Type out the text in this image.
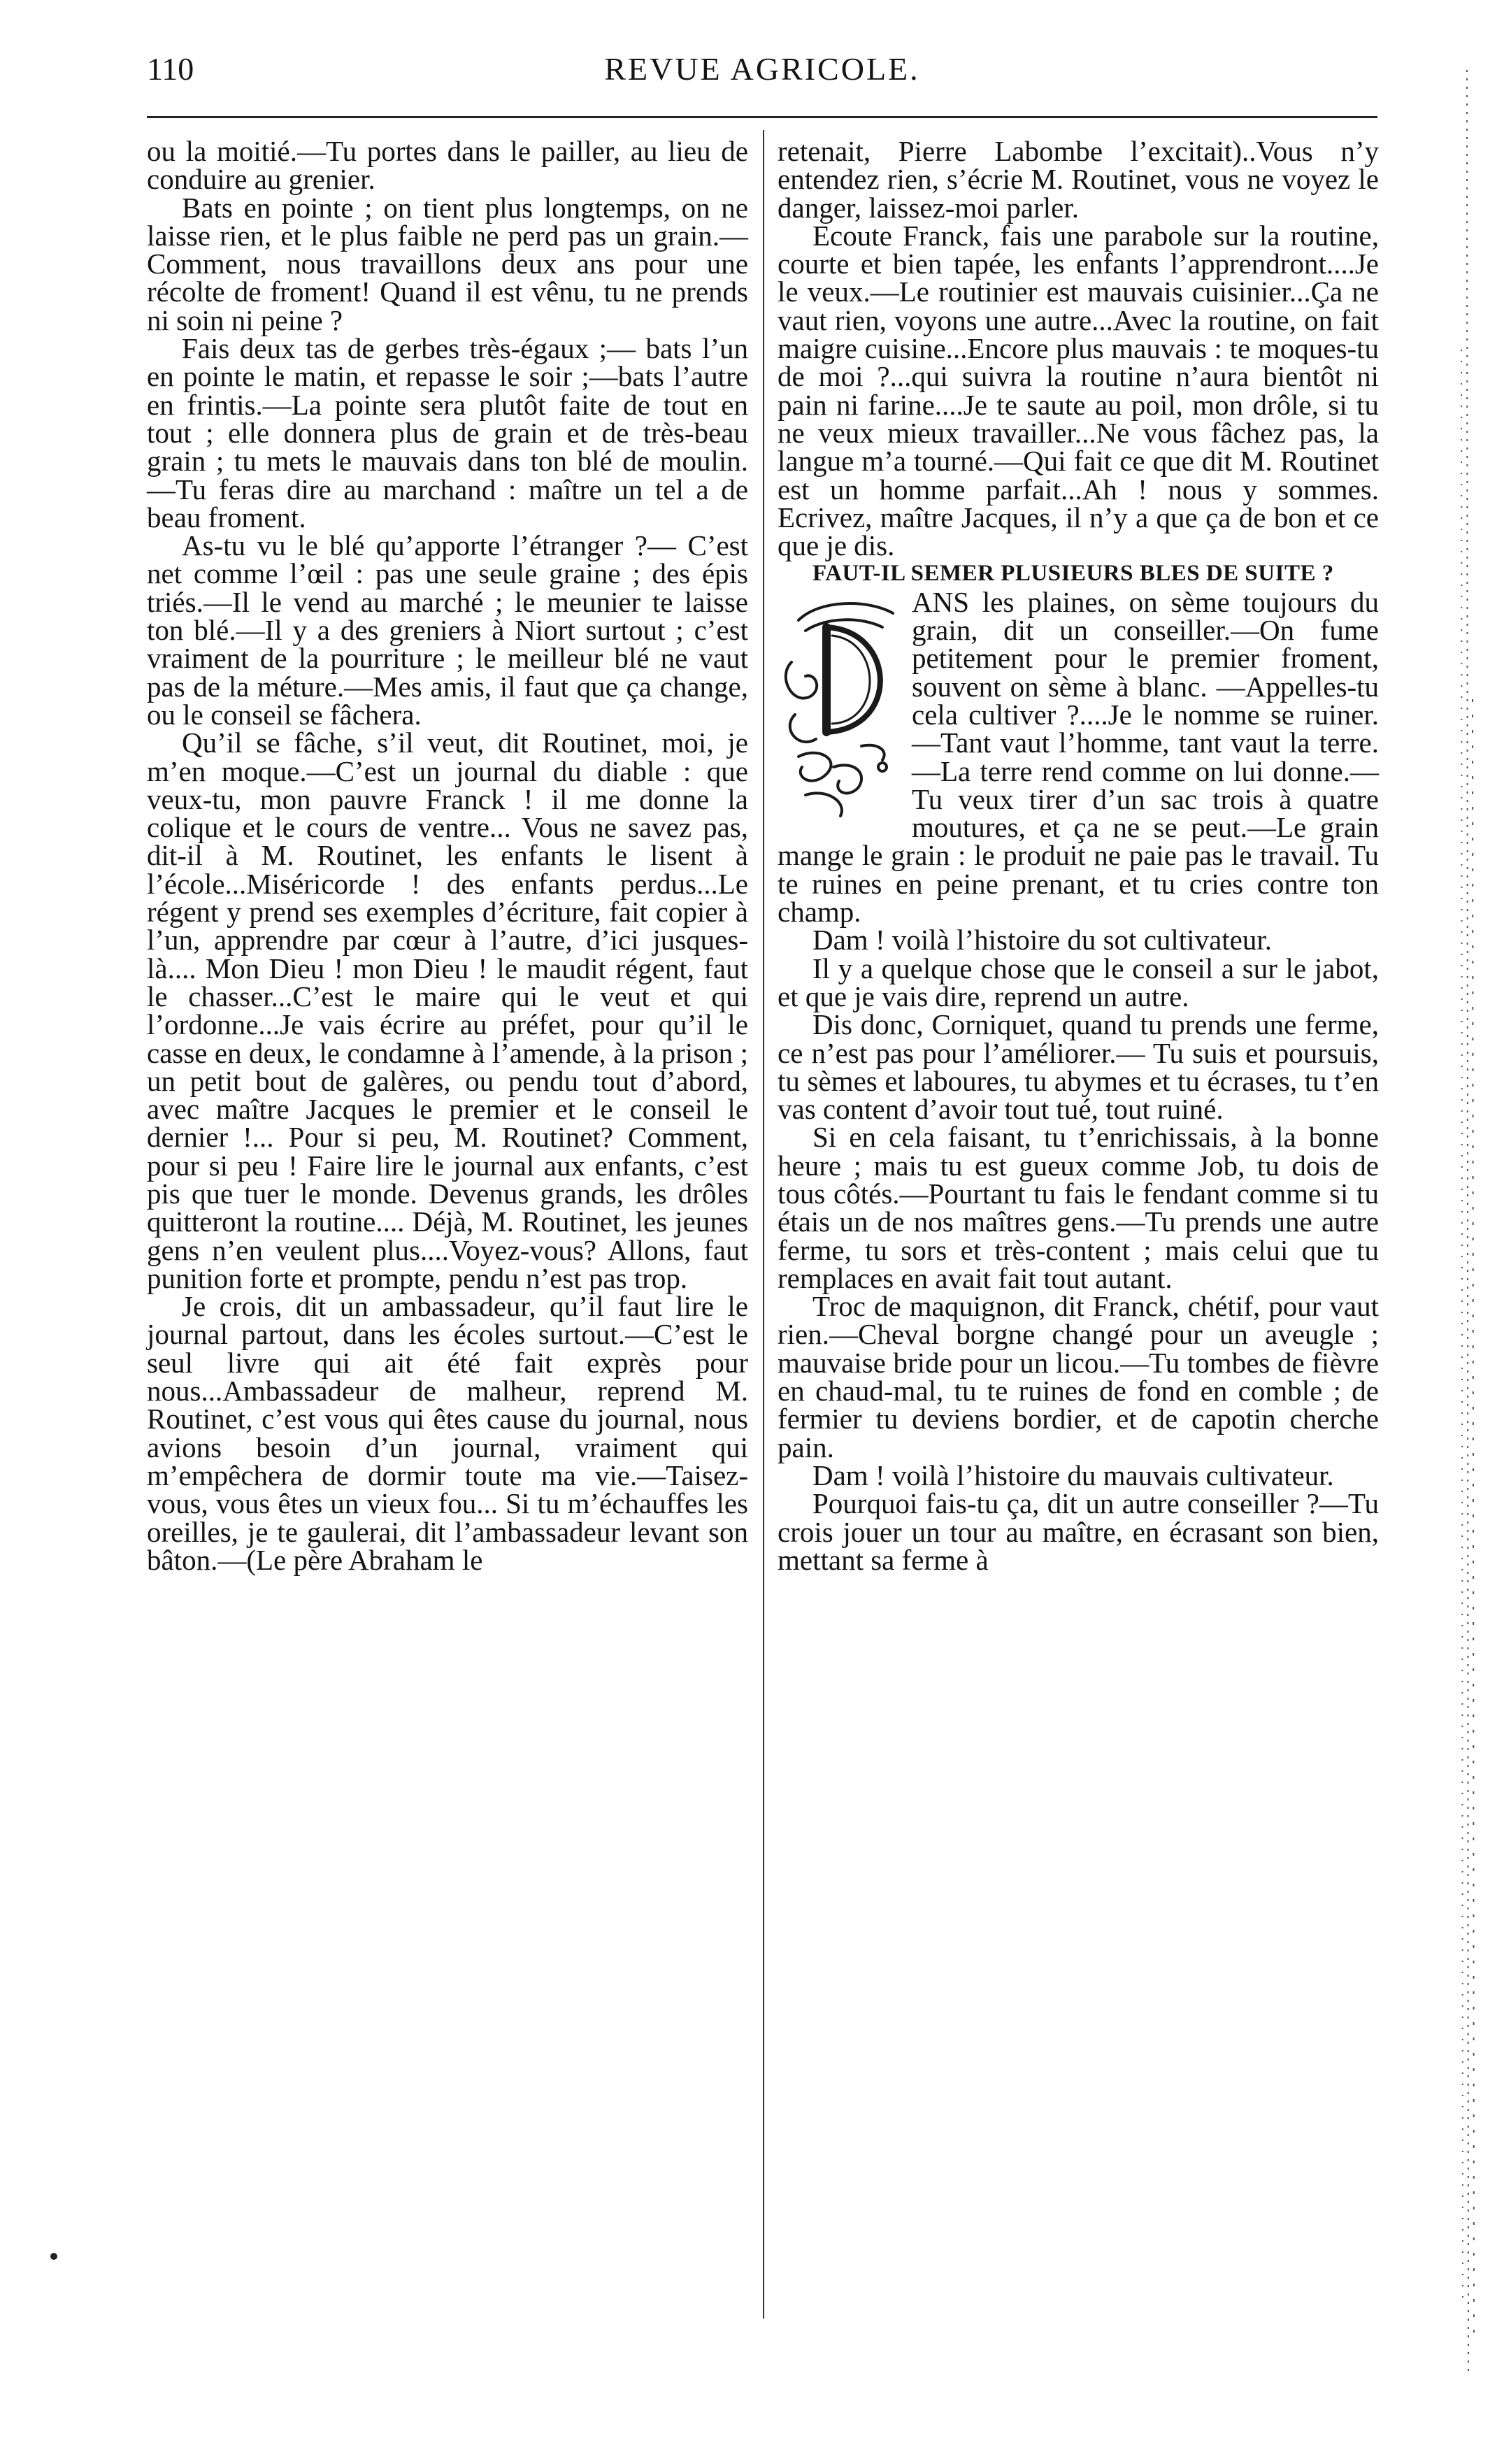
110	REVUE AGRICOLE.

ou la moitié.—Tu portes dans le pailler, au lieu de conduire au grenier.

Bats en pointe ; on tient plus longtemps, on ne laisse rien, et le plus faible ne perd pas un grain.—Comment, nous travaillons deux ans pour une récolte de froment! Quand il est vênu, tu ne prends ni soin ni peine ?

Fais deux tas de gerbes très-égaux ;— bats l’un en pointe le matin, et repasse le soir ;—bats l’autre en frintis.—La pointe sera plutôt faite de tout en tout ; elle donnera plus de grain et de très-beau grain ; tu mets le mauvais dans ton blé de moulin. —Tu feras dire au marchand : maître un tel a de beau froment.

As-tu vu le blé qu’apporte l’étranger ?— C’est net comme l’œil : pas une seule graine ; des épis triés.—Il le vend au marché ; le meunier te laisse ton blé.—Il y a des greniers à Niort surtout ; c’est vraiment de la pourriture ; le meilleur blé ne vaut pas de la méture.—Mes amis, il faut que ça change, ou le conseil se fâchera.

Qu’il se fâche, s’il veut, dit Routinet, moi, je m’en moque.—C’est un journal du diable : que veux-tu, mon pauvre Franck ! il me donne la colique et le cours de ventre... Vous ne savez pas, dit-il à M. Routinet, les enfants le lisent à l’école...Miséricorde ! des enfants perdus...Le régent y prend ses exemples d’écriture, fait copier à l’un, apprendre par cœur à l’autre, d’ici jusques-là.... Mon Dieu ! mon Dieu ! le maudit régent, faut le chasser...C’est le maire qui le veut et qui l’ordonne...Je vais écrire au préfet, pour qu’il le casse en deux, le condamne à l’amende, à la prison ; un petit bout de galères, ou pendu tout d’abord, avec maître Jacques le premier et le conseil le dernier !... Pour si peu, M. Routinet? Comment, pour si peu ! Faire lire le journal aux enfants, c’est pis que tuer le monde. Devenus grands, les drôles quitteront la routine.... Déjà, M. Routinet, les jeunes gens n’en veulent plus....Voyez-vous? Allons, faut punition forte et prompte, pendu n’est pas trop.

Je crois, dit un ambassadeur, qu’il faut lire le journal partout, dans les écoles surtout.—C’est le seul livre qui ait été fait exprès pour nous...Ambassadeur de malheur, reprend M. Routinet, c’est vous qui êtes cause du journal, nous avions besoin d’un journal, vraiment qui m’empêchera de dormir toute ma vie.—Taisez-vous, vous êtes un vieux fou... Si tu m’échauffes les oreilles, je te gaulerai, dit l’ambassadeur levant son bâton.—(Le père Abraham le

retenait, Pierre Labombe l’excitait)..Vous n’y entendez rien, s’écrie M. Routinet, vous ne voyez le danger, laissez-moi parler.

Ecoute Franck, fais une parabole sur la routine, courte et bien tapée, les enfants l’apprendront....Je le veux.—Le routinier est mauvais cuisinier...Ça ne vaut rien, voyons une autre...Avec la routine, on fait maigre cuisine...Encore plus mauvais : te moques-tu de moi ?...qui suivra la routine n’aura bientôt ni pain ni farine....Je te saute au poil, mon drôle, si tu ne veux mieux travailler...Ne vous fâchez pas, la langue m’a tourné.—Qui fait ce que dit M. Routinet est un homme parfait...Ah ! nous y sommes. Ecrivez, maître Jacques, il n’y a que ça de bon et ce que je dis.

FAUT-IL SEMER PLUSIEURS BLES DE SUITE ?

ANS les plaines, on sème toujours du grain, dit un conseiller.—On fume petitement pour le premier froment, souvent on sème à blanc. —Appelles-tu cela cultiver ?....Je le nomme se ruiner.—Tant vaut l’homme, tant vaut la terre.—La terre rend comme on lui donne.—Tu veux tirer d’un sac trois à quatre moutures, et ça ne se peut.—Le grain mange le grain : le produit ne paie pas le travail. Tu te ruines en peine prenant, et tu cries contre ton champ.

Dam ! voilà l’histoire du sot cultivateur.

Il y a quelque chose que le conseil a sur le jabot, et que je vais dire, reprend un autre.

Dis donc, Corniquet, quand tu prends une ferme, ce n’est pas pour l’améliorer.— Tu suis et poursuis, tu sèmes et laboures, tu abymes et tu écrases, tu t’en vas content d’avoir tout tué, tout ruiné.

Si en cela faisant, tu t’enrichissais, à la bonne heure ; mais tu est gueux comme Job, tu dois de tous côtés.—Pourtant tu fais le fendant comme si tu étais un de nos maîtres gens.—Tu prends une autre ferme, tu sors et très-content ; mais celui que tu remplaces en avait fait tout autant.

Troc de maquignon, dit Franck, chétif, pour vaut rien.—Cheval borgne changé pour un aveugle ; mauvaise bride pour un licou.—Tu tombes de fièvre en chaud-mal, tu te ruines de fond en comble ; de fermier tu deviens bordier, et de capotin cherche pain.

Dam ! voilà l’histoire du mauvais cultivateur.

Pourquoi fais-tu ça, dit un autre conseiller ?—Tu crois jouer un tour au maître, en écrasant son bien, mettant sa ferme à
